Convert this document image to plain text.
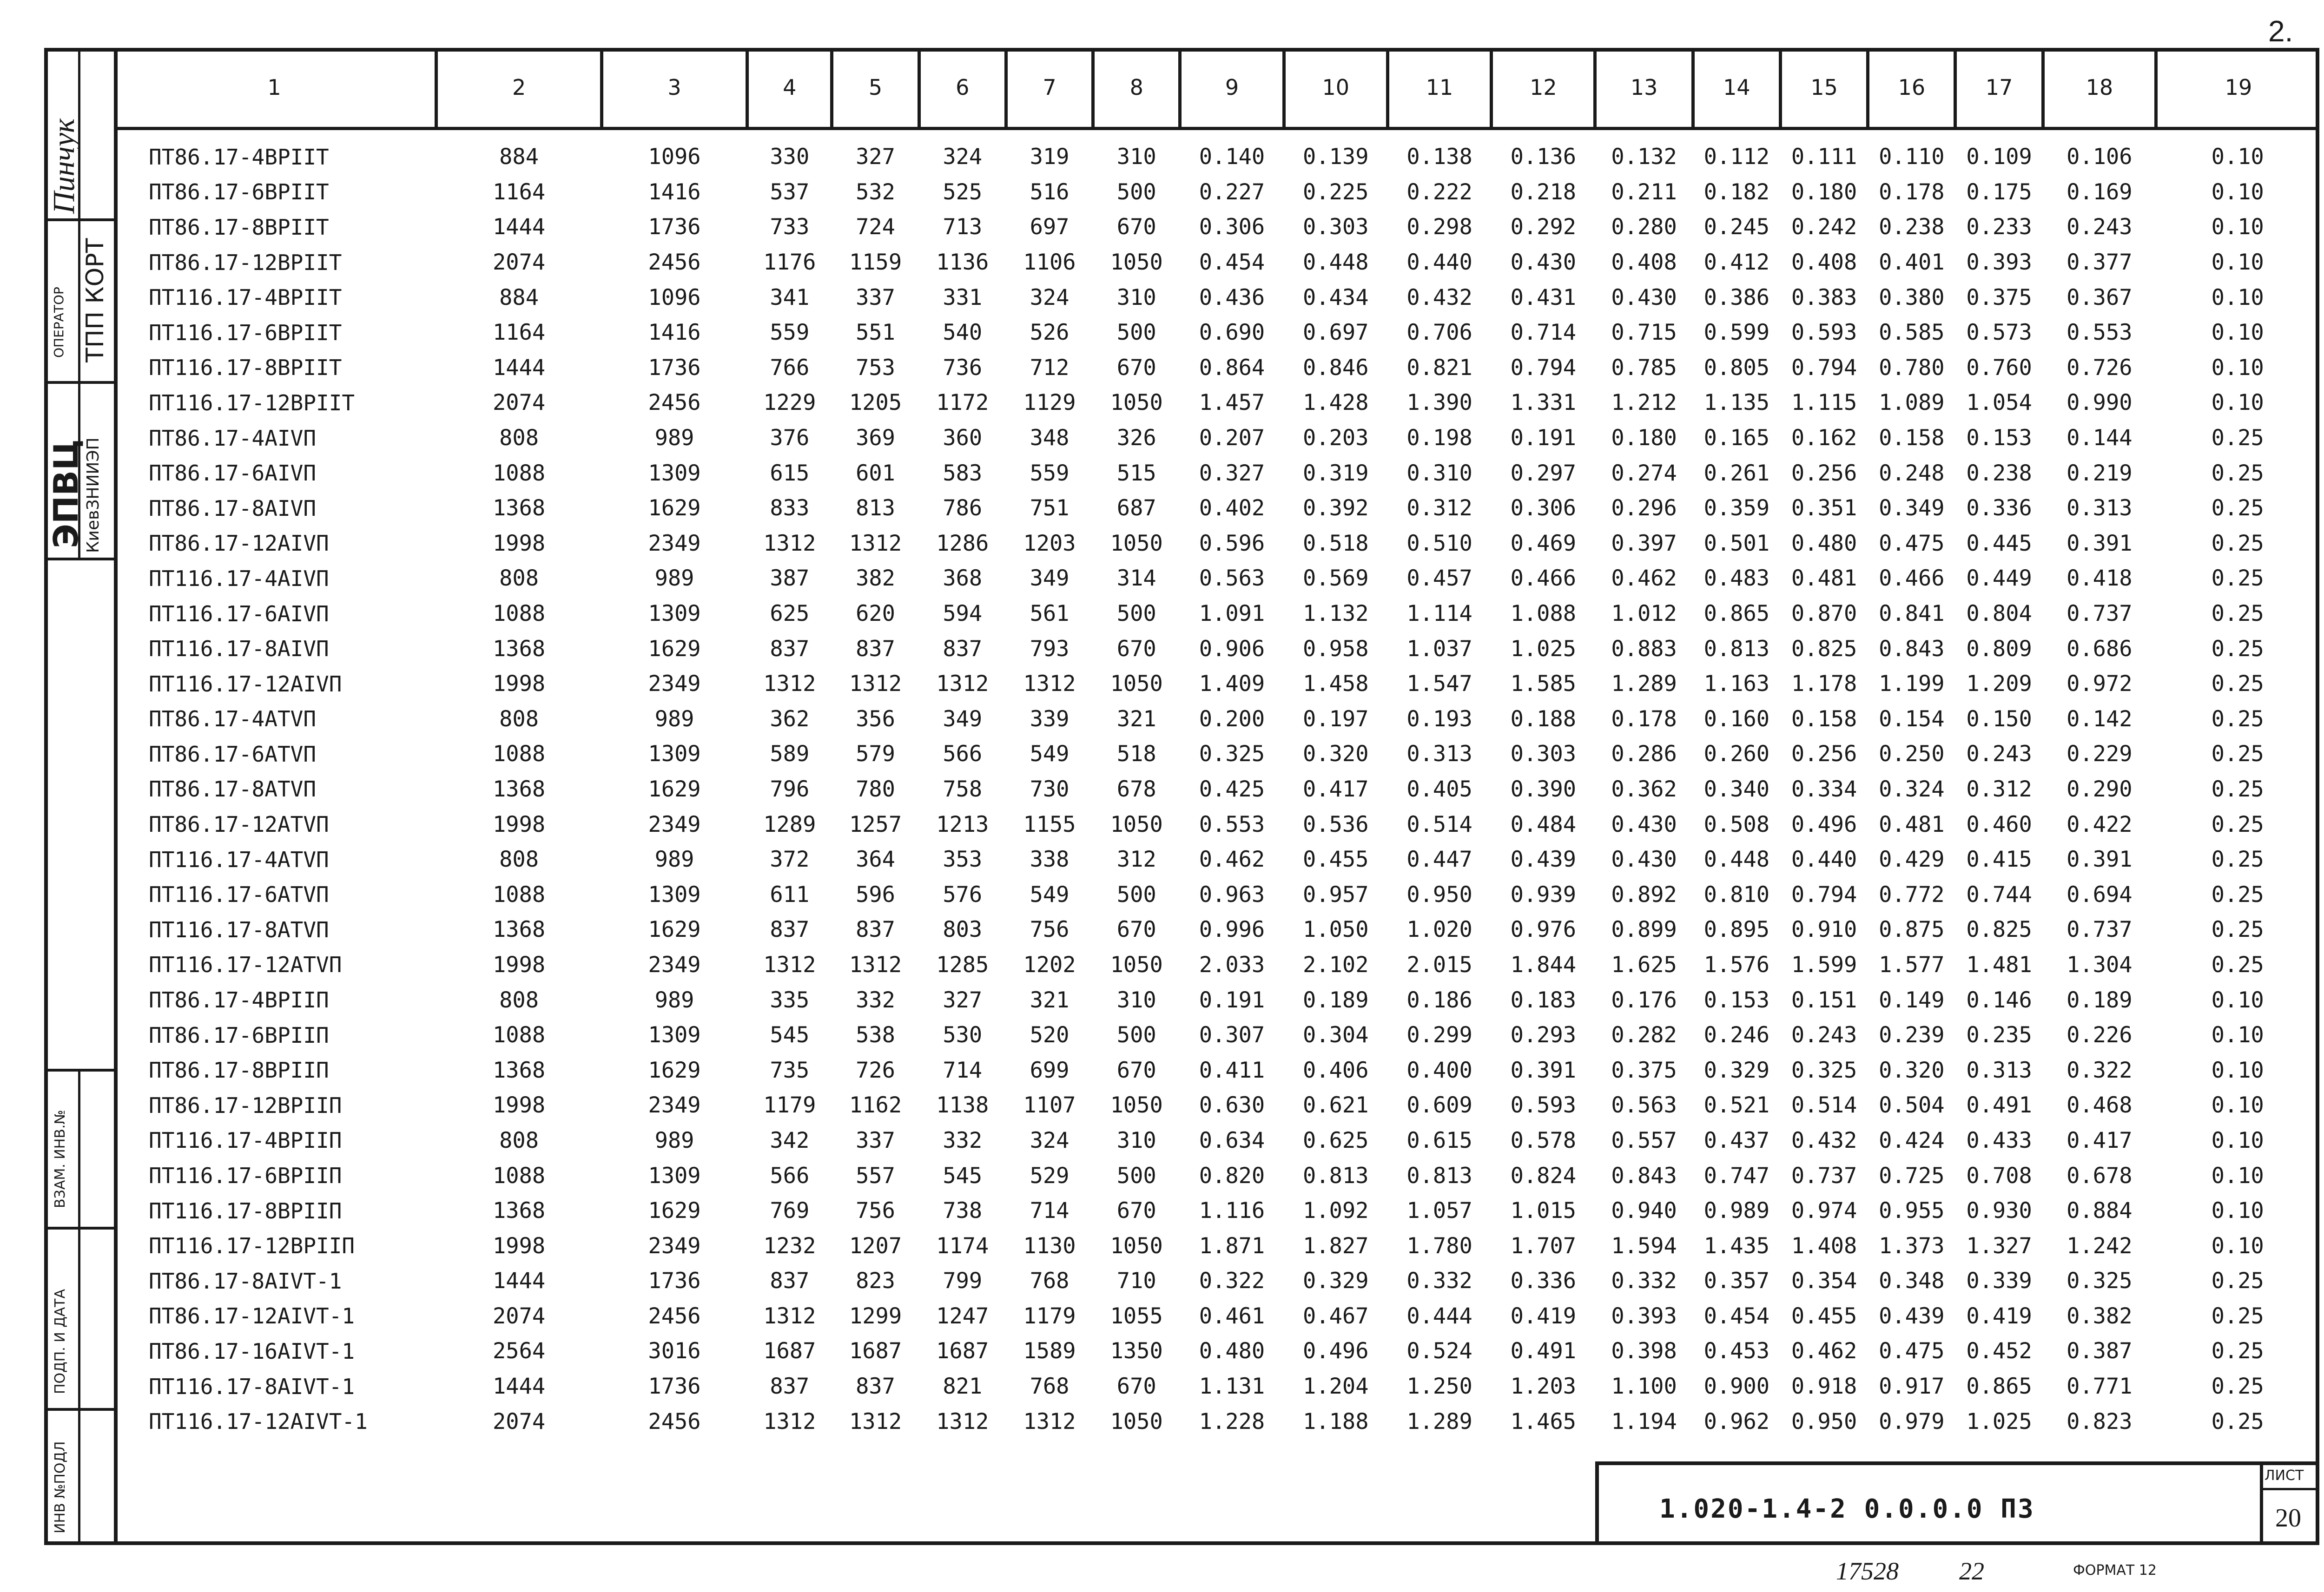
2.
Пинчук
ОПЕРАТОР ТПП КОРТ
ЭПВЦ
КиевЗНИИЭП
ВЗАМ. ИНВ.№
ПОДП. И ДАТА
ИНВ №ПОДЛ
1	2	3	4	5	6	7	8	9	10	11	12	13	14	15	16	17	18	19
ПТ86.17-4ВРIIТ	884	1096	330	327	324	319	310	0.140	0.139	0.138	0.136	0.132	0.112	0.111	0.110	0.109	0.106	0.10
ПТ86.17-6ВРIIТ	1164	1416	537	532	525	516	500	0.227	0.225	0.222	0.218	0.211	0.182	0.180	0.178	0.175	0.169	0.10
ПТ86.17-8ВРIIТ	1444	1736	733	724	713	697	670	0.306	0.303	0.298	0.292	0.280	0.245	0.242	0.238	0.233	0.243	0.10
ПТ86.17-12ВРIIТ	2074	2456	1176	1159	1136	1106	1050	0.454	0.448	0.440	0.430	0.408	0.412	0.408	0.401	0.393	0.377	0.10
ПТ116.17-4ВРIIТ	884	1096	341	337	331	324	310	0.436	0.434	0.432	0.431	0.430	0.386	0.383	0.380	0.375	0.367	0.10
ПТ116.17-6ВРIIТ	1164	1416	559	551	540	526	500	0.690	0.697	0.706	0.714	0.715	0.599	0.593	0.585	0.573	0.553	0.10
ПТ116.17-8ВРIIТ	1444	1736	766	753	736	712	670	0.864	0.846	0.821	0.794	0.785	0.805	0.794	0.780	0.760	0.726	0.10
ПТ116.17-12ВРIIТ	2074	2456	1229	1205	1172	1129	1050	1.457	1.428	1.390	1.331	1.212	1.135	1.115	1.089	1.054	0.990	0.10
ПТ86.17-4АIVП	808	989	376	369	360	348	326	0.207	0.203	0.198	0.191	0.180	0.165	0.162	0.158	0.153	0.144	0.25
ПТ86.17-6АIVП	1088	1309	615	601	583	559	515	0.327	0.319	0.310	0.297	0.274	0.261	0.256	0.248	0.238	0.219	0.25
ПТ86.17-8АIVП	1368	1629	833	813	786	751	687	0.402	0.392	0.312	0.306	0.296	0.359	0.351	0.349	0.336	0.313	0.25
ПТ86.17-12АIVП	1998	2349	1312	1312	1286	1203	1050	0.596	0.518	0.510	0.469	0.397	0.501	0.480	0.475	0.445	0.391	0.25
ПТ116.17-4АIVП	808	989	387	382	368	349	314	0.563	0.569	0.457	0.466	0.462	0.483	0.481	0.466	0.449	0.418	0.25
ПТ116.17-6АIVП	1088	1309	625	620	594	561	500	1.091	1.132	1.114	1.088	1.012	0.865	0.870	0.841	0.804	0.737	0.25
ПТ116.17-8АIVП	1368	1629	837	837	837	793	670	0.906	0.958	1.037	1.025	0.883	0.813	0.825	0.843	0.809	0.686	0.25
ПТ116.17-12АIVП	1998	2349	1312	1312	1312	1312	1050	1.409	1.458	1.547	1.585	1.289	1.163	1.178	1.199	1.209	0.972	0.25
ПТ86.17-4АТVП	808	989	362	356	349	339	321	0.200	0.197	0.193	0.188	0.178	0.160	0.158	0.154	0.150	0.142	0.25
ПТ86.17-6АТVП	1088	1309	589	579	566	549	518	0.325	0.320	0.313	0.303	0.286	0.260	0.256	0.250	0.243	0.229	0.25
ПТ86.17-8АТVП	1368	1629	796	780	758	730	678	0.425	0.417	0.405	0.390	0.362	0.340	0.334	0.324	0.312	0.290	0.25
ПТ86.17-12АТVП	1998	2349	1289	1257	1213	1155	1050	0.553	0.536	0.514	0.484	0.430	0.508	0.496	0.481	0.460	0.422	0.25
ПТ116.17-4АТVП	808	989	372	364	353	338	312	0.462	0.455	0.447	0.439	0.430	0.448	0.440	0.429	0.415	0.391	0.25
ПТ116.17-6АТVП	1088	1309	611	596	576	549	500	0.963	0.957	0.950	0.939	0.892	0.810	0.794	0.772	0.744	0.694	0.25
ПТ116.17-8АТVП	1368	1629	837	837	803	756	670	0.996	1.050	1.020	0.976	0.899	0.895	0.910	0.875	0.825	0.737	0.25
ПТ116.17-12АТVП	1998	2349	1312	1312	1285	1202	1050	2.033	2.102	2.015	1.844	1.625	1.576	1.599	1.577	1.481	1.304	0.25
ПТ86.17-4ВРIIП	808	989	335	332	327	321	310	0.191	0.189	0.186	0.183	0.176	0.153	0.151	0.149	0.146	0.189	0.10
ПТ86.17-6ВРIIП	1088	1309	545	538	530	520	500	0.307	0.304	0.299	0.293	0.282	0.246	0.243	0.239	0.235	0.226	0.10
ПТ86.17-8ВРIIП	1368	1629	735	726	714	699	670	0.411	0.406	0.400	0.391	0.375	0.329	0.325	0.320	0.313	0.322	0.10
ПТ86.17-12ВРIIП	1998	2349	1179	1162	1138	1107	1050	0.630	0.621	0.609	0.593	0.563	0.521	0.514	0.504	0.491	0.468	0.10
ПТ116.17-4ВРIIП	808	989	342	337	332	324	310	0.634	0.625	0.615	0.578	0.557	0.437	0.432	0.424	0.433	0.417	0.10
ПТ116.17-6ВРIIП	1088	1309	566	557	545	529	500	0.820	0.813	0.813	0.824	0.843	0.747	0.737	0.725	0.708	0.678	0.10
ПТ116.17-8ВРIIП	1368	1629	769	756	738	714	670	1.116	1.092	1.057	1.015	0.940	0.989	0.974	0.955	0.930	0.884	0.10
ПТ116.17-12ВРIIП	1998	2349	1232	1207	1174	1130	1050	1.871	1.827	1.780	1.707	1.594	1.435	1.408	1.373	1.327	1.242	0.10
ПТ86.17-8АIVТ-1	1444	1736	837	823	799	768	710	0.322	0.329	0.332	0.336	0.332	0.357	0.354	0.348	0.339	0.325	0.25
ПТ86.17-12АIVТ-1	2074	2456	1312	1299	1247	1179	1055	0.461	0.467	0.444	0.419	0.393	0.454	0.455	0.439	0.419	0.382	0.25
ПТ86.17-16АIVТ-1	2564	3016	1687	1687	1687	1589	1350	0.480	0.496	0.524	0.491	0.398	0.453	0.462	0.475	0.452	0.387	0.25
ПТ116.17-8АIVТ-1	1444	1736	837	837	821	768	670	1.131	1.204	1.250	1.203	1.100	0.900	0.918	0.917	0.865	0.771	0.25
ПТ116.17-12АIVТ-1	2074	2456	1312	1312	1312	1312	1050	1.228	1.188	1.289	1.465	1.194	0.962	0.950	0.979	1.025	0.823	0.25
1.020-1.4-2 0.0.0.0 ПЗ
ЛИСТ
20
17528 22	ФОРМАТ 12
